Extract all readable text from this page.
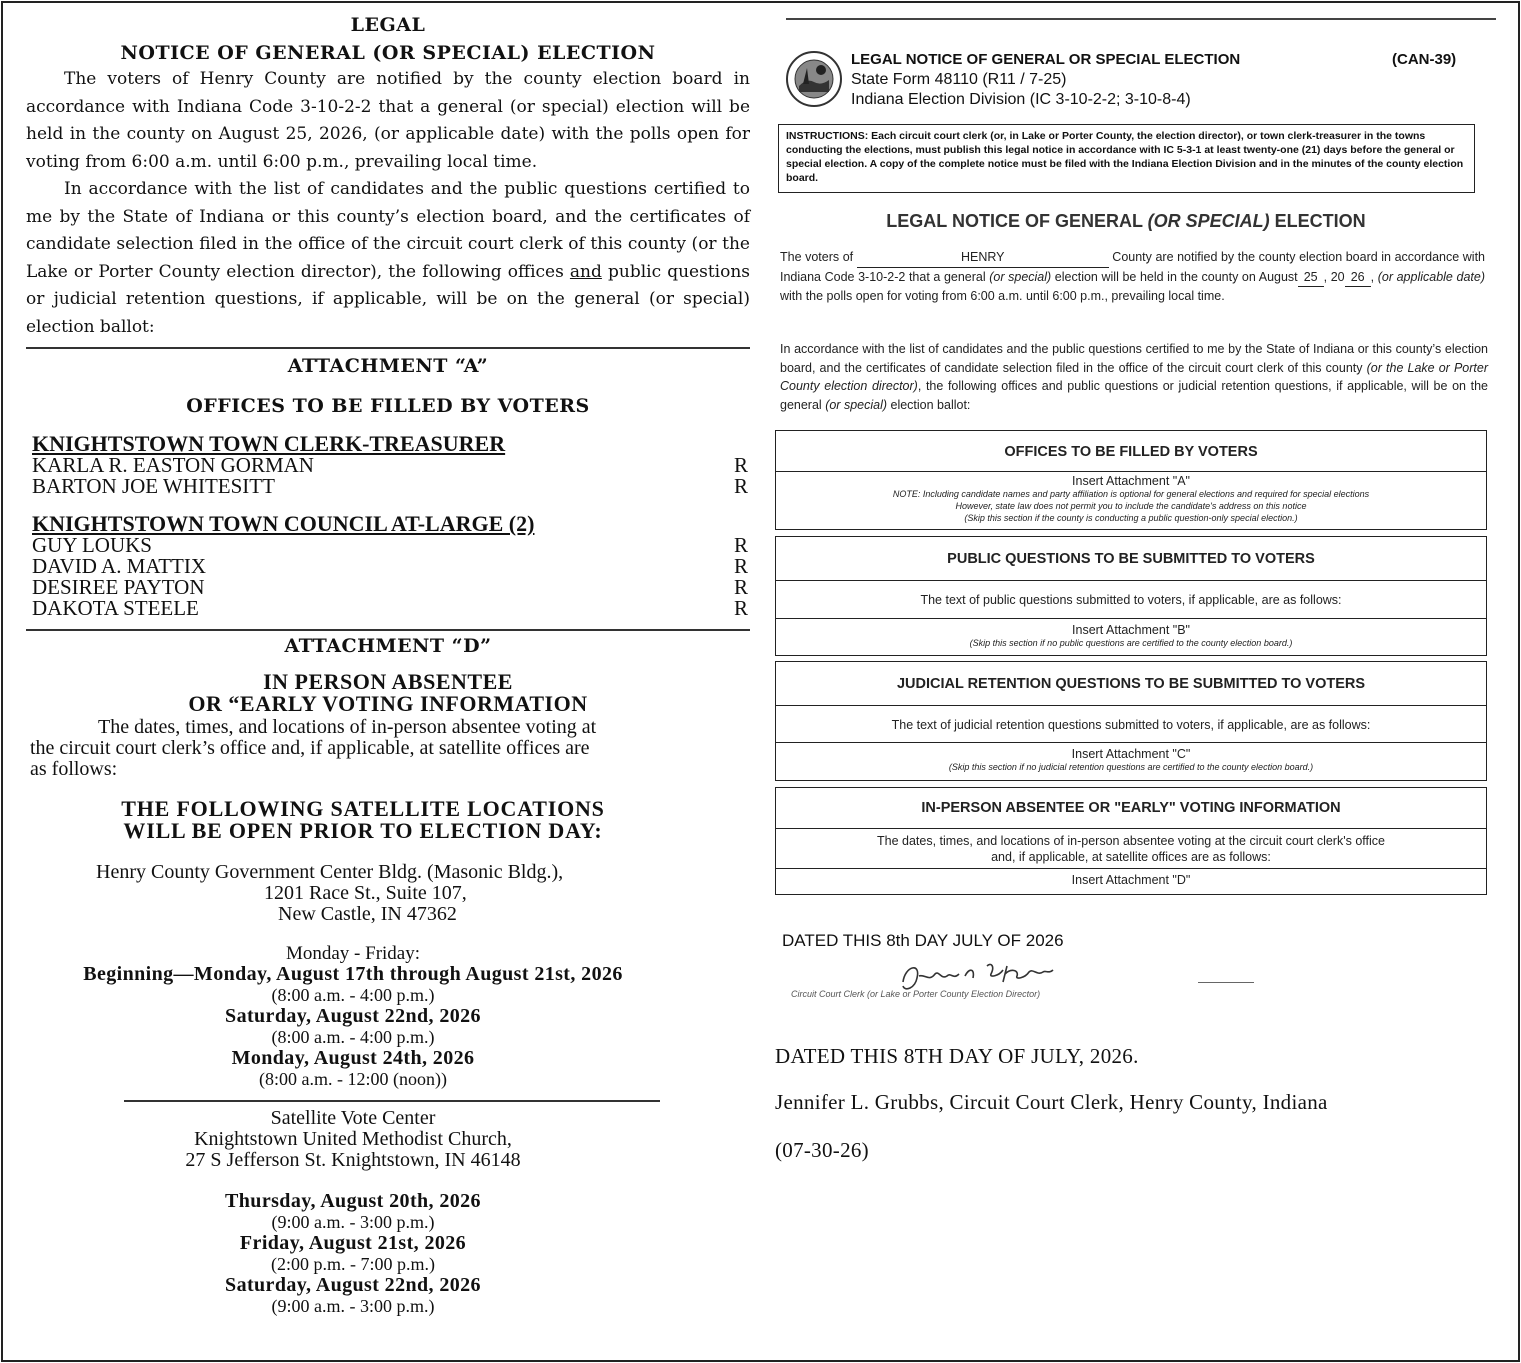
LEGAL

NOTICE OF GENERAL (OR SPECIAL) ELECTION

The voters of Henry County are notified by the county election board in accordance with Indiana Code 3-10-2-2 that a general (or special) election will be held in the county on August 25, 2026, (or applicable date) with the polls open for voting from 6:00 a.m. until 6:00 p.m., prevailing local time.

In accordance with the list of candidates and the public questions certified to me by the State of Indiana or this county’s election board, and the certificates of candidate selection filed in the office of the circuit court clerk of this county (or the Lake or Porter County election director), the following offices and public questions or judicial retention questions, if applicable, will be on the general (or special) election ballot:

ATTACHMENT “A”

OFFICES TO BE FILLED BY VOTERS

KNIGHTSTOWN TOWN CLERK-TREASURER
KARLA R. EASTON GORMAN	R
BARTON JOE WHITESITT	R
KNIGHTSTOWN TOWN COUNCIL AT-LARGE (2)
GUY LOUKS	R
DAVID A. MATTIX	R
DESIREE PAYTON	R
DAKOTA STEELE	R

ATTACHMENT “D”

IN PERSON ABSENTEE
OR “EARLY VOTING INFORMATION
The dates, times, and locations of in-person absentee voting at
the circuit court clerk’s office and, if applicable, at satellite offices are
as follows:
THE FOLLOWING SATELLITE LOCATIONS
WILL BE OPEN PRIOR TO ELECTION DAY:
Henry County Government Center Bldg. (Masonic Bldg.),
1201 Race St., Suite 107,
New Castle, IN 47362
Monday - Friday:
Beginning—Monday, August 17th through August 21st, 2026
(8:00 a.m. - 4:00 p.m.)
Saturday, August 22nd, 2026
(8:00 a.m. - 4:00 p.m.)
Monday, August 24th, 2026
(8:00 a.m. - 12:00 (noon))
Satellite Vote Center
Knightstown United Methodist Church,
27 S Jefferson St. Knightstown, IN 46148
Thursday, August 20th, 2026
(9:00 a.m. - 3:00 p.m.)
Friday, August 21st, 2026
(2:00 p.m. - 7:00 p.m.)
Saturday, August 22nd, 2026
(9:00 a.m. - 3:00 p.m.)
LEGAL NOTICE OF GENERAL OR SPECIAL ELECTION	(CAN-39)
State Form 48110 (R11 / 7-25)
Indiana Election Division (IC 3-10-2-2; 3-10-8-4)
INSTRUCTIONS: Each circuit court clerk (or, in Lake or Porter County, the election director), or town clerk-treasurer in the towns conducting the elections, must publish this legal notice in accordance with IC 5-3-1 at least twenty-one (21) days before the general or special election. A copy of the complete notice must be filed with the Indiana Election Division and in the minutes of the county election board.
LEGAL NOTICE OF GENERAL (OR SPECIAL) ELECTION
The voters of	HENRY	County are notified by the county election board in accordance with Indiana Code 3-10-2-2 that a general (or special) election will be held in the county on August 25 , 20 26 , (or applicable date) with the polls open for voting from 6:00 a.m. until 6:00 p.m., prevailing local time.
In accordance with the list of candidates and the public questions certified to me by the State of Indiana or this county’s election board, and the certificates of candidate selection filed in the office of the circuit court clerk of this county (or the Lake or Porter County election director), the following offices and public questions or judicial retention questions, if applicable, will be on the general (or special) election ballot:
OFFICES TO BE FILLED BY VOTERS
Insert Attachment "A"
NOTE: Including candidate names and party affiliation is optional for general elections and required for special elections
However, state law does not permit you to include the candidate's address on this notice
(Skip this section if the county is conducting a public question-only special election.)
PUBLIC QUESTIONS TO BE SUBMITTED TO VOTERS
The text of public questions submitted to voters, if applicable, are as follows:
Insert Attachment "B"
(Skip this section if no public questions are certified to the county election board.)
JUDICIAL RETENTION QUESTIONS TO BE SUBMITTED TO VOTERS
The text of judicial retention questions submitted to voters, if applicable, are as follows:
Insert Attachment "C"
(Skip this section if no judicial retention questions are certified to the county election board.)
IN-PERSON ABSENTEE OR "EARLY" VOTING INFORMATION
The dates, times, and locations of in-person absentee voting at the circuit court clerk's office
and, if applicable, at satellite offices are as follows:
Insert Attachment "D"
DATED THIS 8th DAY JULY OF 2026
Circuit Court Clerk (or Lake or Porter County Election Director)
DATED THIS 8TH DAY OF JULY, 2026.
Jennifer L. Grubbs, Circuit Court Clerk, Henry County, Indiana
(07-30-26)
